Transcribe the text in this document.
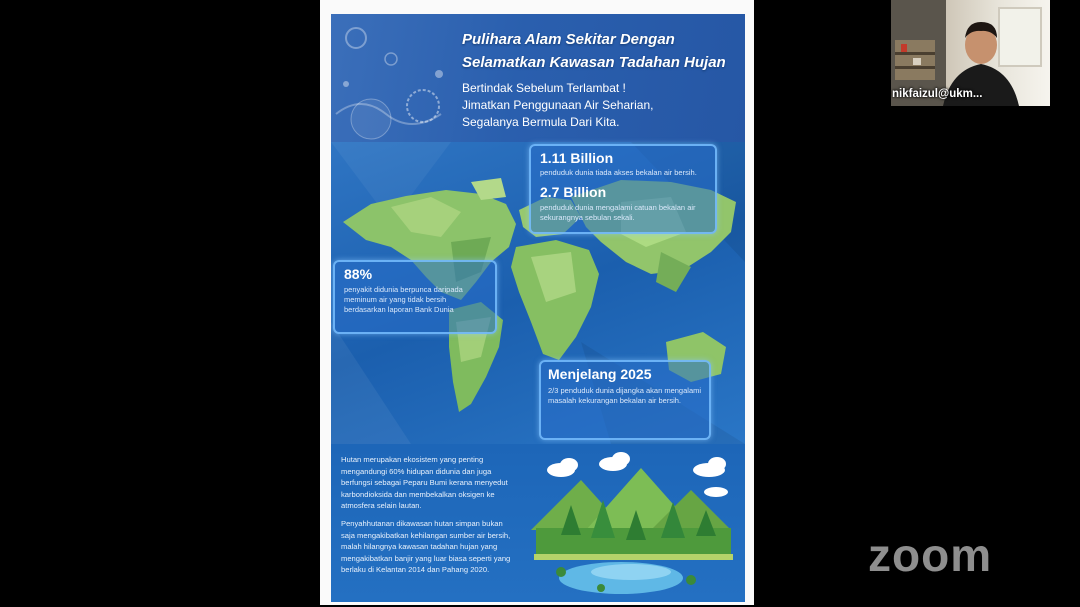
Pulihara Alam Sekitar Dengan
Selamatkan Kawasan Tadahan Hujan
Bertindak Sebelum Terlambat !
Jimatkan Penggunaan Air Seharian,
Segalanya Bermula Dari Kita.
1.11 Billion
penduduk dunia tiada akses bekalan air bersih.
2.7 Billion
penduduk dunia mengalami catuan bekalan air sekurangnya sebulan sekali.
88%
penyakit didunia berpunca daripada meminum air yang tidak bersih berdasarkan laporan Bank Dunia
Menjelang 2025
2/3 penduduk dunia dijangka akan mengalami masalah kekurangan bekalan air bersih.
Hutan merupakan ekosistem yang penting mengandungi 60% hidupan didunia dan juga berfungsi sebagai Peparu Bumi kerana menyedut karbondioksida dan membekalkan oksigen ke atmosfera selain lautan.
Penyahhutanan dikawasan hutan simpan bukan saja mengakibatkan kehilangan sumber air bersih, malah hilangnya kawasan tadahan hujan yang mengakibatkan banjir yang luar biasa seperti yang berlaku di Kelantan 2014 dan Pahang 2020.	zoom
nikfaizul@ukm...
